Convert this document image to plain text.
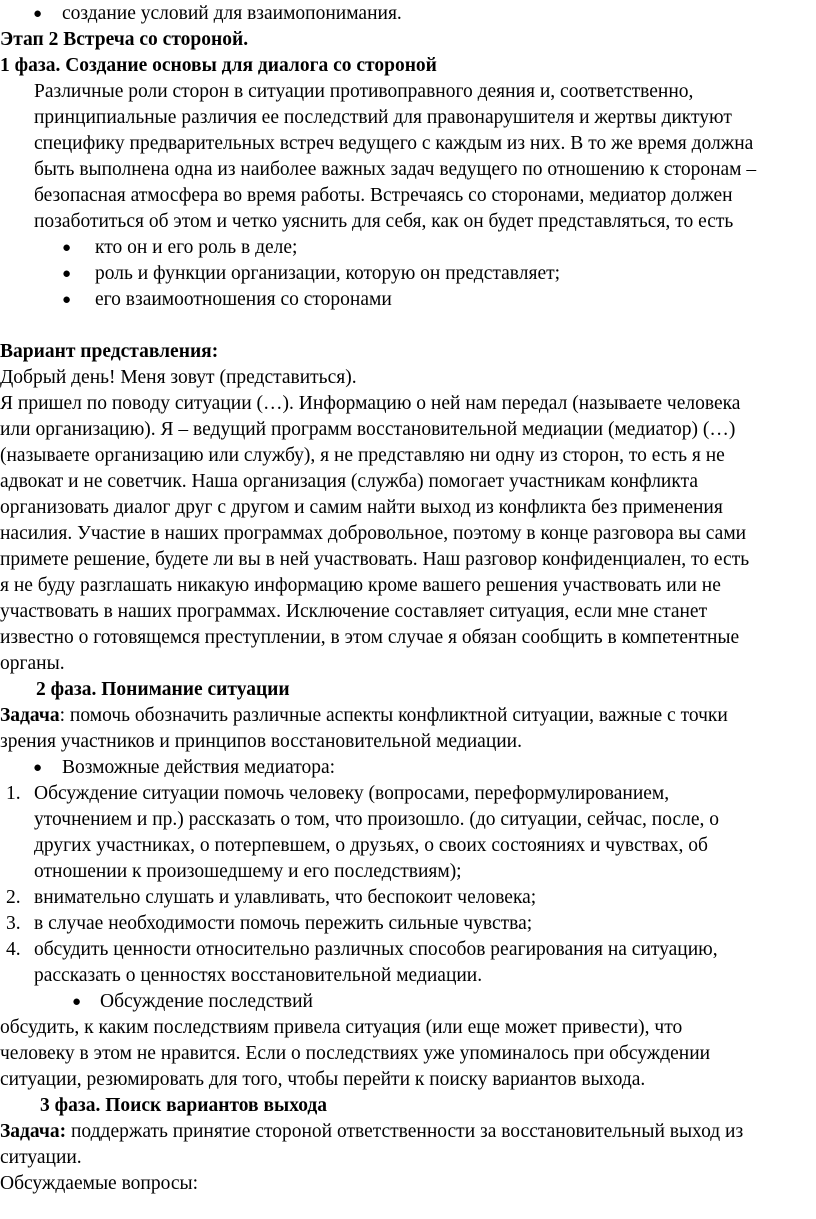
● создание условий для взаимопонимания.
Этап 2 Встреча со стороной.
1 фаза. Создание основы для диалога со стороной
Различные роли сторон в ситуации противоправного деяния и, соответственно,
принципиальные различия ее последствий для правонарушителя и жертвы диктуют
специфику предварительных встреч ведущего с каждым из них. В то же время должна
быть выполнена одна из наиболее важных задач ведущего по отношению к сторонам –
безопасная атмосфера во время работы. Встречаясь со сторонами, медиатор должен
позаботиться об этом и четко уяснить для себя, как он будет представляться, то есть
● кто он и его роль в деле;
● роль и функции организации, которую он представляет;
● его взаимоотношения со сторонами
Вариант представления:
Добрый день! Меня зовут (представиться).
Я пришел по поводу ситуации (…). Информацию о ней нам передал (называете человека
или организацию). Я – ведущий программ восстановительной медиации (медиатор) (…)
(называете организацию или службу), я не представляю ни одну из сторон, то есть я не
адвокат и не советчик. Наша организация (служба) помогает участникам конфликта
организовать диалог друг с другом и самим найти выход из конфликта без применения
насилия. Участие в наших программах добровольное, поэтому в конце разговора вы сами
примете решение, будете ли вы в ней участвовать. Наш разговор конфиденциален, то есть
я не буду разглашать никакую информацию кроме вашего решения участвовать или не
участвовать в наших программах. Исключение составляет ситуация, если мне станет
известно о готовящемся преступлении, в этом случае я обязан сообщить в компетентные
органы.
2 фаза. Понимание ситуации
Задача: помочь обозначить различные аспекты конфликтной ситуации, важные с точки
зрения участников и принципов восстановительной медиации.
● Возможные действия медиатора:
1. Обсуждение ситуации помочь человеку (вопросами, переформулированием,
уточнением и пр.) рассказать о том, что произошло. (до ситуации, сейчас, после, о
других участниках, о потерпевшем, о друзьях, о своих состояниях и чувствах, об
отношении к произошедшему и его последствиям);
2. внимательно слушать и улавливать, что беспокоит человека;
3. в случае необходимости помочь пережить сильные чувства;
4. обсудить ценности относительно различных способов реагирования на ситуацию,
рассказать о ценностях восстановительной медиации.
● Обсуждение последствий
обсудить, к каким последствиям привела ситуация (или еще может привести), что
человеку в этом не нравится. Если о последствиях уже упоминалось при обсуждении
ситуации, резюмировать для того, чтобы перейти к поиску вариантов выхода.
3 фаза. Поиск вариантов выхода
Задача: поддержать принятие стороной ответственности за восстановительный выход из
ситуации.
Обсуждаемые вопросы:
